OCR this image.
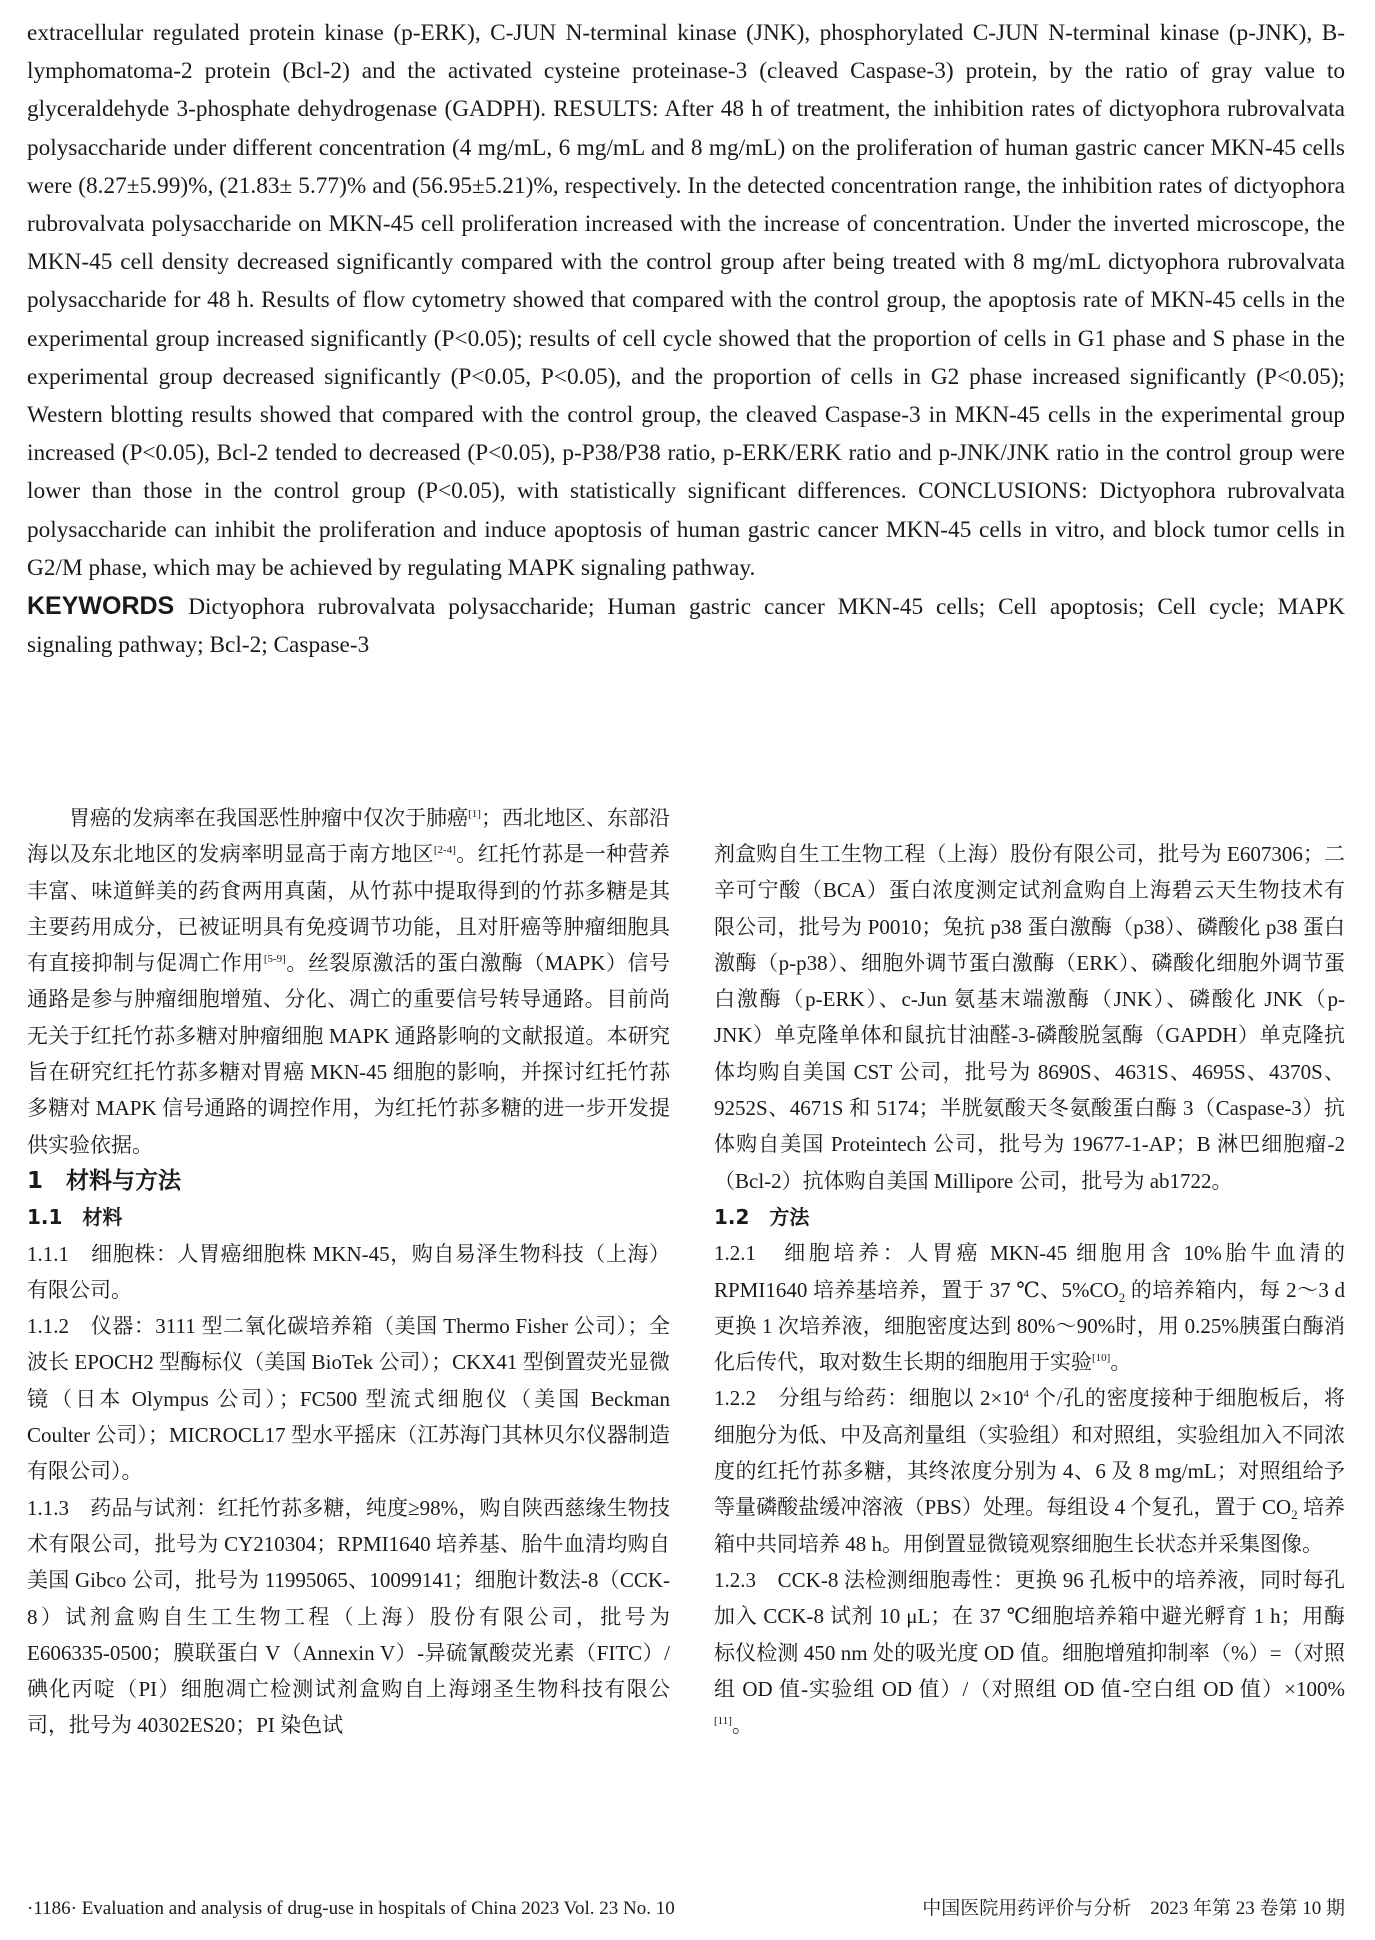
extracellular regulated protein kinase (p-ERK), C-JUN N-terminal kinase (JNK), phosphorylated C-JUN N-terminal kinase (p-JNK), B-lymphomatoma-2 protein (Bcl-2) and the activated cysteine proteinase-3 (cleaved Caspase-3) protein, by the ratio of gray value to glyceraldehyde 3-phosphate dehydrogenase (GADPH). RESULTS: After 48 h of treatment, the inhibition rates of dictyophora rubrovalvata polysaccharide under different concentration (4 mg/mL, 6 mg/mL and 8 mg/mL) on the proliferation of human gastric cancer MKN-45 cells were (8.27±5.99)%, (21.83± 5.77)% and (56.95±5.21)%, respectively. In the detected concentration range, the inhibition rates of dictyophora rubrovalvata polysaccharide on MKN-45 cell proliferation increased with the increase of concentration. Under the inverted microscope, the MKN-45 cell density decreased significantly compared with the control group after being treated with 8 mg/mL dictyophora rubrovalvata polysaccharide for 48 h. Results of flow cytometry showed that compared with the control group, the apoptosis rate of MKN-45 cells in the experimental group increased significantly (P<0.05); results of cell cycle showed that the proportion of cells in G1 phase and S phase in the experimental group decreased significantly (P<0.05, P<0.05), and the proportion of cells in G2 phase increased significantly (P<0.05); Western blotting results showed that compared with the control group, the cleaved Caspase-3 in MKN-45 cells in the experimental group increased (P<0.05), Bcl-2 tended to decreased (P<0.05), p-P38/P38 ratio, p-ERK/ERK ratio and p-JNK/JNK ratio in the control group were lower than those in the control group (P<0.05), with statistically significant differences. CONCLUSIONS: Dictyophora rubrovalvata polysaccharide can inhibit the proliferation and induce apoptosis of human gastric cancer MKN-45 cells in vitro, and block tumor cells in G2/M phase, which may be achieved by regulating MAPK signaling pathway.

KEYWORDS Dictyophora rubrovalvata polysaccharide; Human gastric cancer MKN-45 cells; Cell apoptosis; Cell cycle; MAPK signaling pathway; Bcl-2; Caspase-3

胃癌的发病率在我国恶性肿瘤中仅次于肺癌[1]；西北地区、东部沿海以及东北地区的发病率明显高于南方地区[2-4]。红托竹荪是一种营养丰富、味道鲜美的药食两用真菌，从竹荪中提取得到的竹荪多糖是其主要药用成分，已被证明具有免疫调节功能，且对肝癌等肿瘤细胞具有直接抑制与促凋亡作用[5-9]。丝裂原激活的蛋白激酶（MAPK）信号通路是参与肿瘤细胞增殖、分化、凋亡的重要信号转导通路。目前尚无关于红托竹荪多糖对肿瘤细胞 MAPK 通路影响的文献报道。本研究旨在研究红托竹荪多糖对胃癌 MKN-45 细胞的影响，并探讨红托竹荪多糖对 MAPK 信号通路的调控作用，为红托竹荪多糖的进一步开发提供实验依据。

1　材料与方法

1.1　材料

1.1.1　细胞株：人胃癌细胞株 MKN-45，购自易泽生物科技（上海）有限公司。

1.1.2　仪器：3111 型二氧化碳培养箱（美国 Thermo Fisher 公司）；全波长 EPOCH2 型酶标仪（美国 BioTek 公司）；CKX41 型倒置荧光显微镜（日本 Olympus 公司）；FC500 型流式细胞仪（美国 Beckman Coulter 公司）；MICROCL17 型水平摇床（江苏海门其林贝尔仪器制造有限公司）。

1.1.3　药品与试剂：红托竹荪多糖，纯度≥98%，购自陕西慈缘生物技术有限公司，批号为 CY210304；RPMI1640 培养基、胎牛血清均购自美国 Gibco 公司，批号为 11995065、10099141；细胞计数法-8（CCK-8）试剂盒购自生工生物工程（上海）股份有限公司，批号为 E606335-0500；膜联蛋白 V（Annexin V）-异硫氰酸荧光素（FITC）/碘化丙啶（PI）细胞凋亡检测试剂盒购自上海翊圣生物科技有限公司，批号为 40302ES20；PI 染色试

剂盒购自生工生物工程（上海）股份有限公司，批号为 E607306；二辛可宁酸（BCA）蛋白浓度测定试剂盒购自上海碧云天生物技术有限公司，批号为 P0010；兔抗 p38 蛋白激酶（p38）、磷酸化 p38 蛋白激酶（p-p38）、细胞外调节蛋白激酶（ERK）、磷酸化细胞外调节蛋白激酶（p-ERK）、c-Jun 氨基末端激酶（JNK）、磷酸化 JNK（p-JNK）单克隆单体和鼠抗甘油醛-3-磷酸脱氢酶（GAPDH）单克隆抗体均购自美国 CST 公司，批号为 8690S、4631S、4695S、4370S、9252S、4671S 和 5174；半胱氨酸天冬氨酸蛋白酶 3（Caspase-3）抗体购自美国 Proteintech 公司，批号为 19677-1-AP；B 淋巴细胞瘤-2（Bcl-2）抗体购自美国 Millipore 公司，批号为 ab1722。

1.2　方法

1.2.1　细胞培养：人胃癌 MKN-45 细胞用含 10%胎牛血清的 RPMI1640 培养基培养，置于 37 ℃、$5\%CO_2$ 的培养箱内，每 2～3 d 更换 1 次培养液，细胞密度达到 80%～90%时，用 0.25%胰蛋白酶消化后传代，取对数生长期的细胞用于实验[10]。

1.2.2　分组与给药：细胞以 $2\times 10^4$ 个/孔的密度接种于细胞板后，将细胞分为低、中及高剂量组（实验组）和对照组，实验组加入不同浓度的红托竹荪多糖，其终浓度分别为 4、6 及 8 mg/mL；对照组给予等量磷酸盐缓冲溶液（PBS）处理。每组设 4 个复孔，置于 $CO_2$ 培养箱中共同培养 48 h。用倒置显微镜观察细胞生长状态并采集图像。

1.2.3　CCK-8 法检测细胞毒性：更换 96 孔板中的培养液，同时每孔加入 CCK-8 试剂 10 μL；在 37 ℃细胞培养箱中避光孵育 1 h；用酶标仪检测 450 nm 处的吸光度 OD 值。细胞增殖抑制率（%）=（对照组 OD 值-实验组 OD 值）/（对照组 OD 值-空白组 OD 值）×100%[11]。

·1186· Evaluation and analysis of drug-use in hospitals of China 2023 Vol. 23 No. 10	中国医院用药评价与分析　2023 年第 23 卷第 10 期
